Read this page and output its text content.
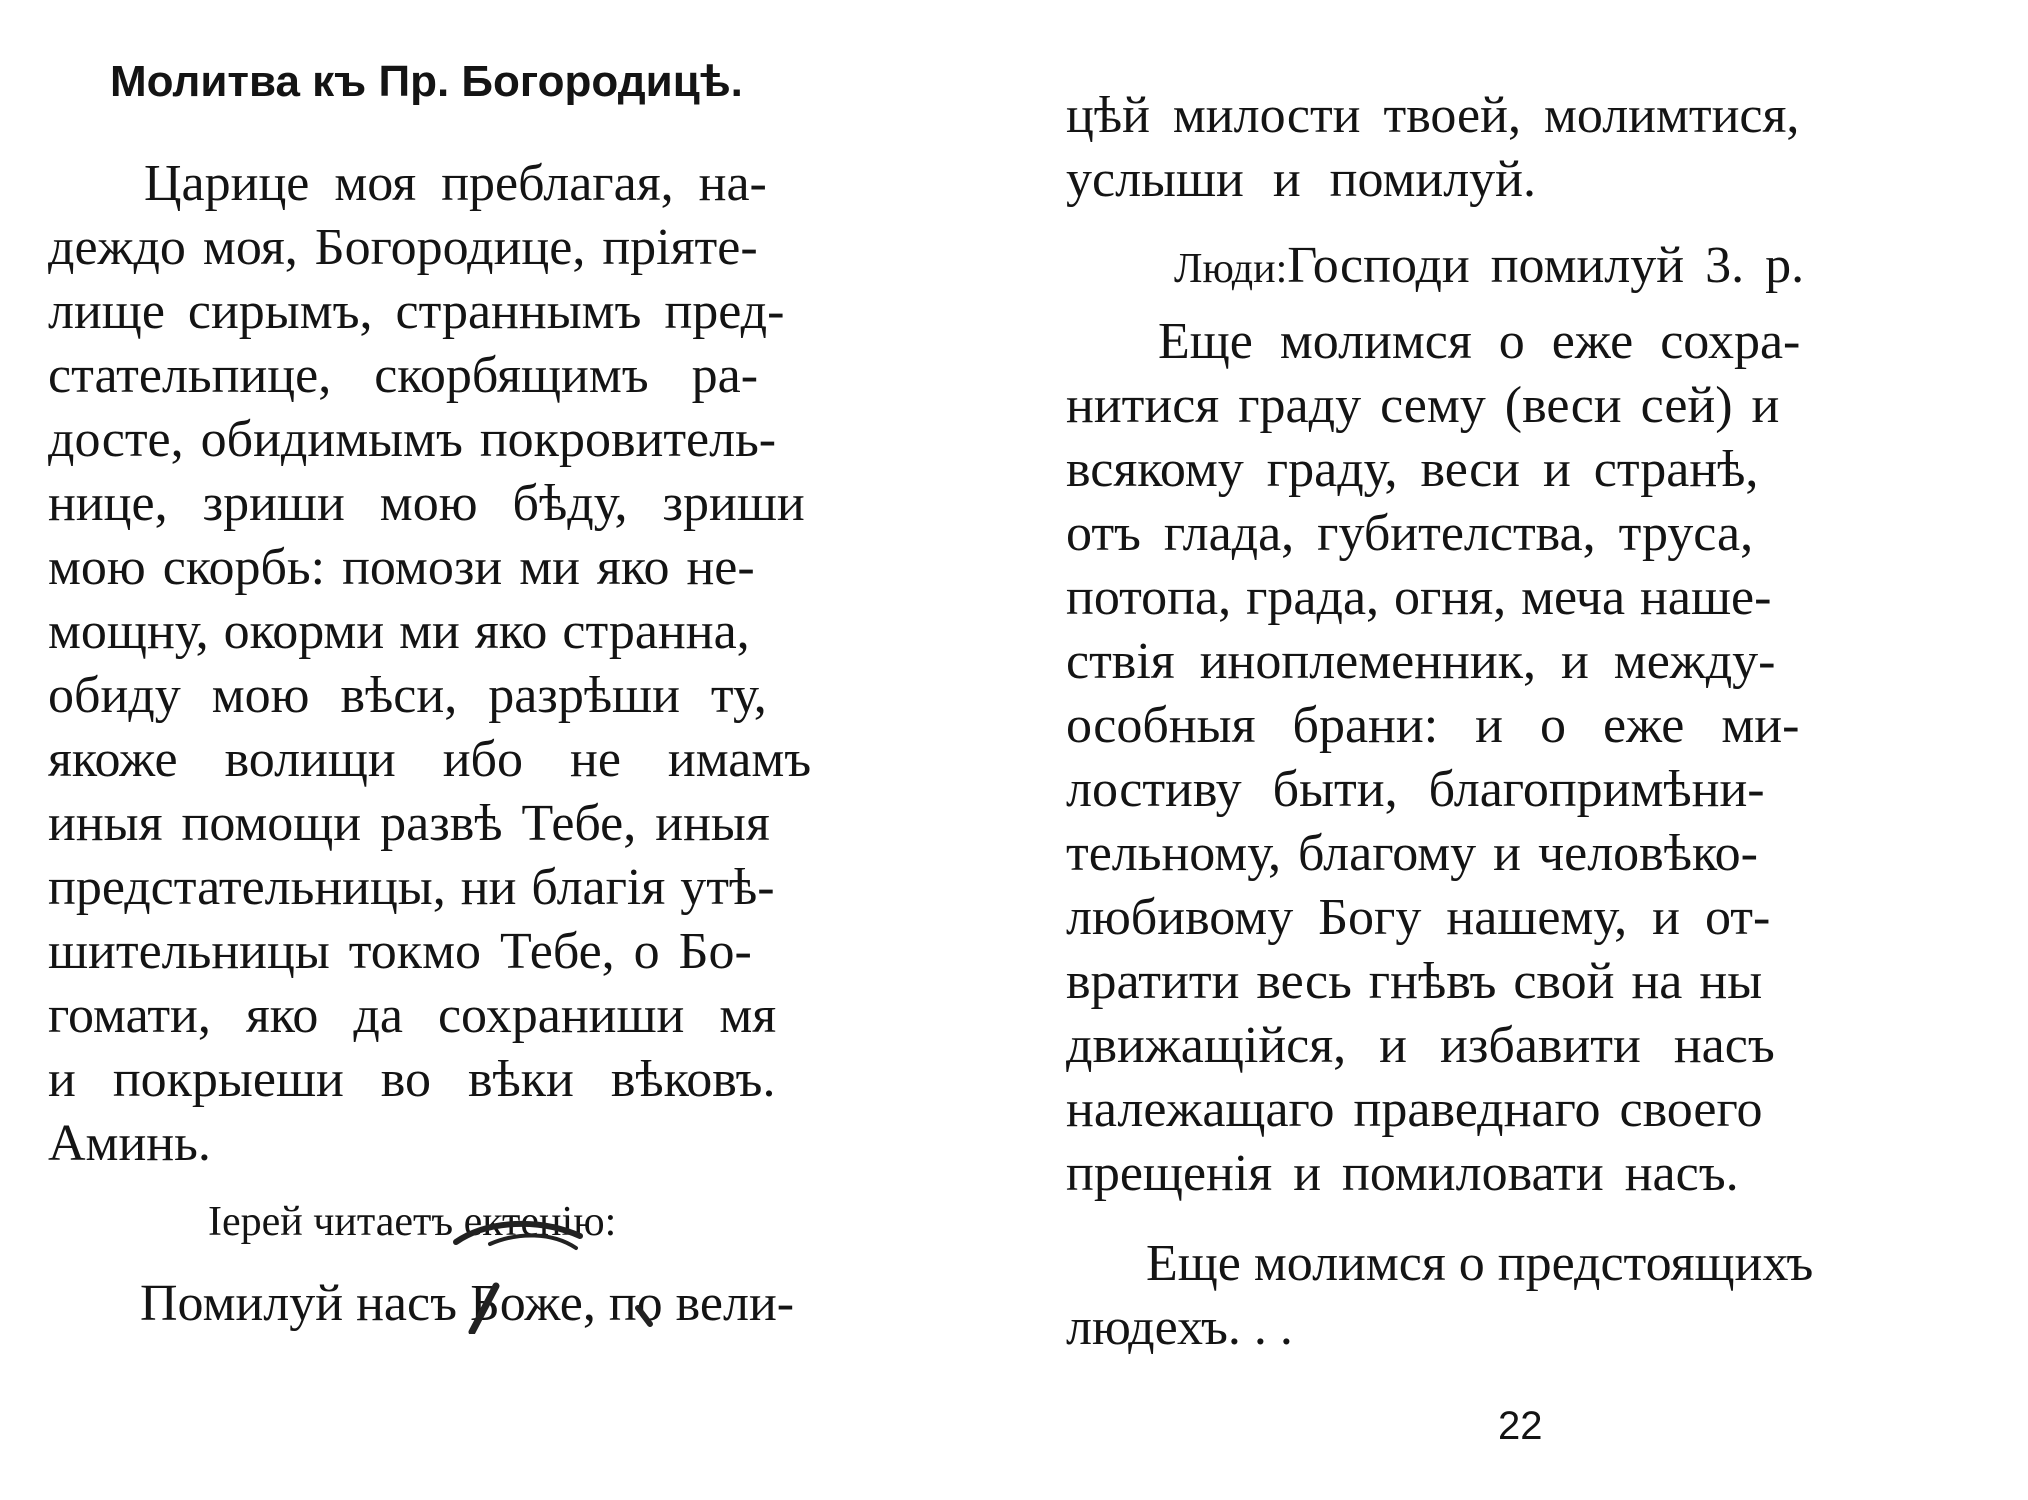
Молитва къ Пр. Богородицѣ.
Царице моя преблагая, на-
деждо моя, Богородице, пріяте-
лище сирымъ, страннымъ пред-
стательпице, скорбящимъ ра-
досте, обидимымъ покровитель-
нице, зриши мою бѣду, зриши
мою скорбь: помози ми яко не-
мощну, окорми ми яко странна,
обиду мою вѣси, разрѣши ту,
якоже волищи ибо не имамъ
иныя помощи развѣ Тебе, иныя
предстательницы, ни благія утѣ-
шительницы токмо Тебе, о Бо-
гомати, яко да сохраниши мя
и покрыеши во вѣки вѣковъ.
Аминь.
Іерей читаетъ ектенію:
Помилуй насъ Боже, по вели-
цѣй милости твоей, молимтися,
услыши и помилуй.

Люди:Господи помилуй 3. р.

Еще молимся о еже сохра-
нитися граду сему (веси сей) и
всякому граду, веси и странѣ,
отъ глада, губителства, труса,
потопа, града, огня, меча наше-
ствія иноплеменник, и между-
особныя брани: и о еже ми-
лостиву быти, благопримѣни-
тельному, благому и человѣко-
любивому Богу нашему, и от-
вратити весь гнѣвъ свой на ны
движащійся, и избавити насъ
належащаго праведнаго своего
прещенія и помиловати насъ.
Еще молимся о предстоящихъ
людехъ. . .
22
